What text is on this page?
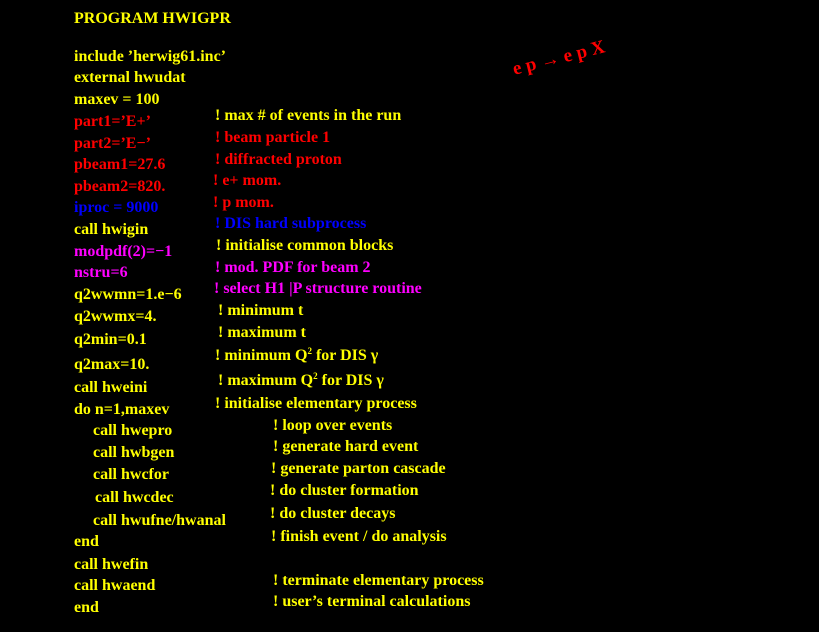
PROGRAM HWIGPR

include ’herwig61.inc’

external hwudat

maxev = 100

! max # of events in the run

part1=’E+’

! beam particle 1

part2=’E−’

! diffracted proton

pbeam1=27.6

! e+ mom.

pbeam2=820.

! p mom.

iproc = 9000

! DIS hard subprocess

call hwigin

! initialise common blocks

modpdf(2)=−1

! mod. PDF for beam 2

nstru=6

! select H1 |P structure routine

q2wwmn=1.e−6

! minimum t

q2wwmx=4.

! maximum t

q2min=0.1

! minimum $Q^2$ for DIS γ

q2max=10.

! maximum $Q^2$ for DIS γ

call hweini

! initialise elementary process

do n=1,maxev

! loop over events

call hwepro

! generate hard event

call hwbgen

! generate parton cascade

call hwcfor

! do cluster formation

call hwcdec

! do cluster decays

call hwufne/hwanal

! finish event / do analysis

end

call hwefin

! terminate elementary process

call hwaend

! user’s terminal calculations

end

e p → e p X
